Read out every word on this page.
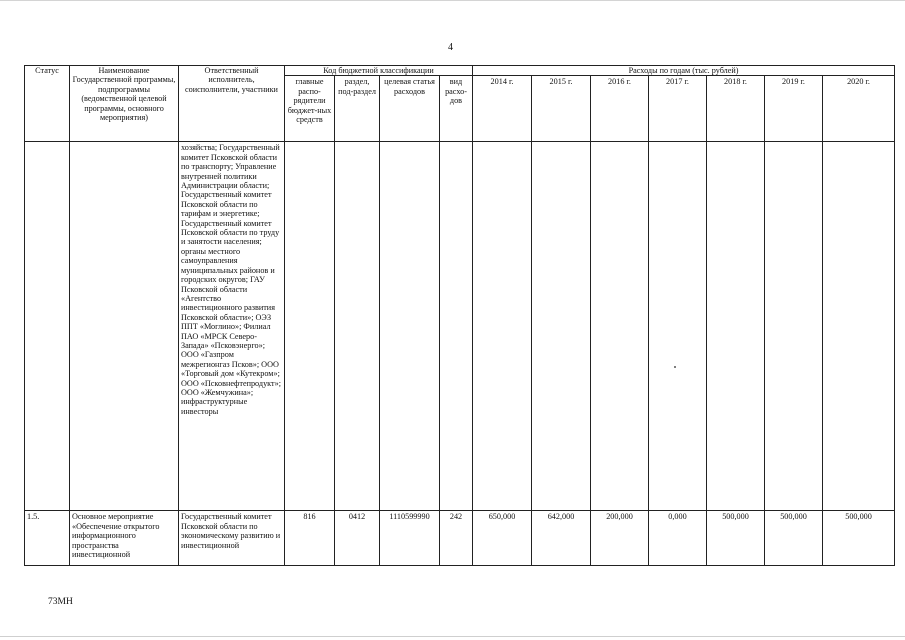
4
Статус	Наименование Государственной программы, подпрограммы (ведомственной целевой программы, основного мероприятия)	Ответственный исполнитель, соисполнители, участники	Код бюджетной классификации				Расходы по годам (тыс. рублей)						
			главные распо-рядители бюджет-ных средств	раздел, под-раздел	целевая статья расходов	вид расхо-дов	2014 г.	2015 г.	2016 г.	2017 г.	2018 г.	2019 г.	2020 г.
		хозяйства; Государственный комитет Псковской области по транспорту; Управление внутренней политики Администрации области; Государственный комитет Псковской области по тарифам и энергетике; Государственный комитет Псковской области по труду и занятости населения; органы местного самоуправления муниципальных районов и городских округов; ГАУ Псковской области «Агентство инвестиционного развития Псковской области»; ОЭЗ ППТ «Моглино»; Филиал ПАО «МРСК Северо-Запада» «Псковэнерго»; ООО «Газпром межрегионгаз Псков»; ООО «Торговый дом «Кутекром»; ООО «Псковнефтепродукт»; ООО «Жемчужина»; инфраструктурные инвесторы											
1.5.	Основное мероприятие «Обеспечение открытого информационного пространства инвестиционной	Государственный комитет Псковской области по экономическому развитию и инвестиционной	816	0412	1110599990	242	650,000	642,000	200,000	0,000	500,000	500,000	500,000
73МН
